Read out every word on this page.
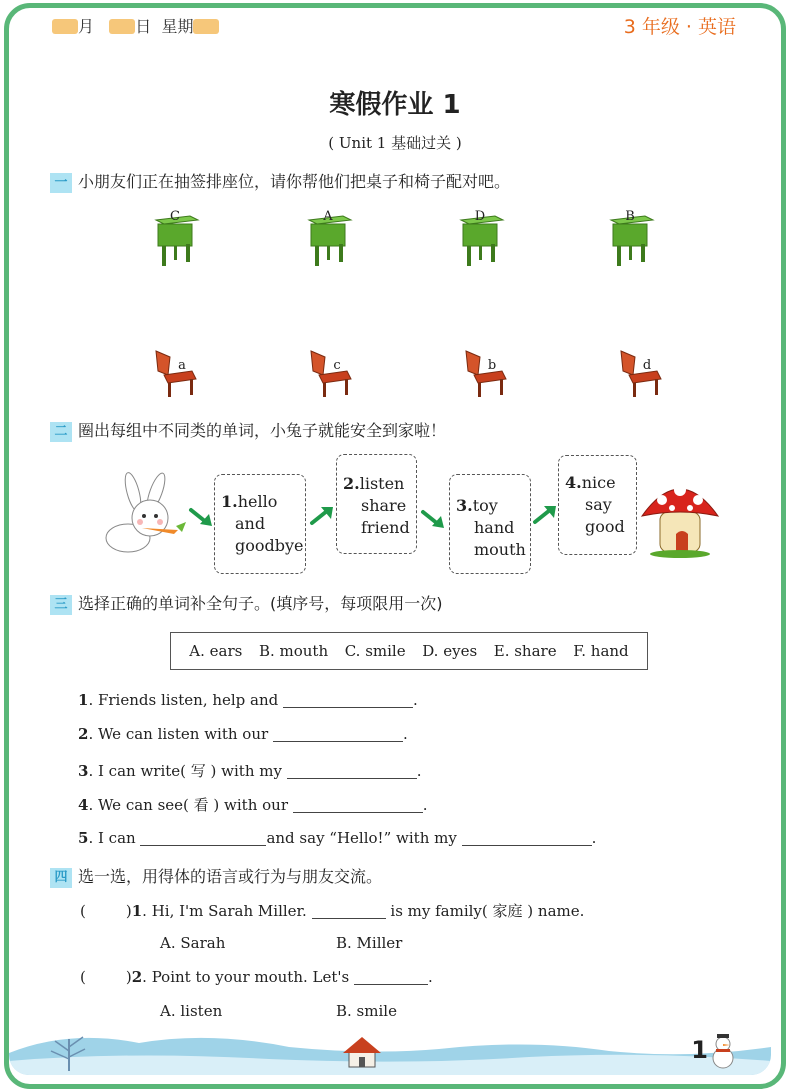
月	日 星期	3 年级 · 英语
寒假作业 1
( Unit 1 基础过关 )
一 小朋友们正在抽签排座位，请你帮他们把桌子和椅子配对吧。
C	A	D	B
a	c	b	d
二 圈出每组中不同类的单词，小兔子就能安全到家啦！
1.hello
and
goodbye
2.listen
share
friend
3.toy
hand
mouth
4.nice
say
good
三 选择正确的单词补全句子。(填序号，每项限用一次)
A. ears B. mouth C. smile D. eyes E. share F. hand
1. Friends listen, help and	.
2. We can listen with our	.
3. I can write( 写 ) with my	.
4. We can see( 看 ) with our	.
5. I can	and say “Hello!” with my	.
四 选一选，用得体的语言或行为与朋友交流。
(	)1. Hi, I'm Sarah Miller.	is my family( 家庭 ) name.
A. Sarah	B. Miller
(	)2. Point to your mouth. Let's	.
A. listen	B. smile
1
